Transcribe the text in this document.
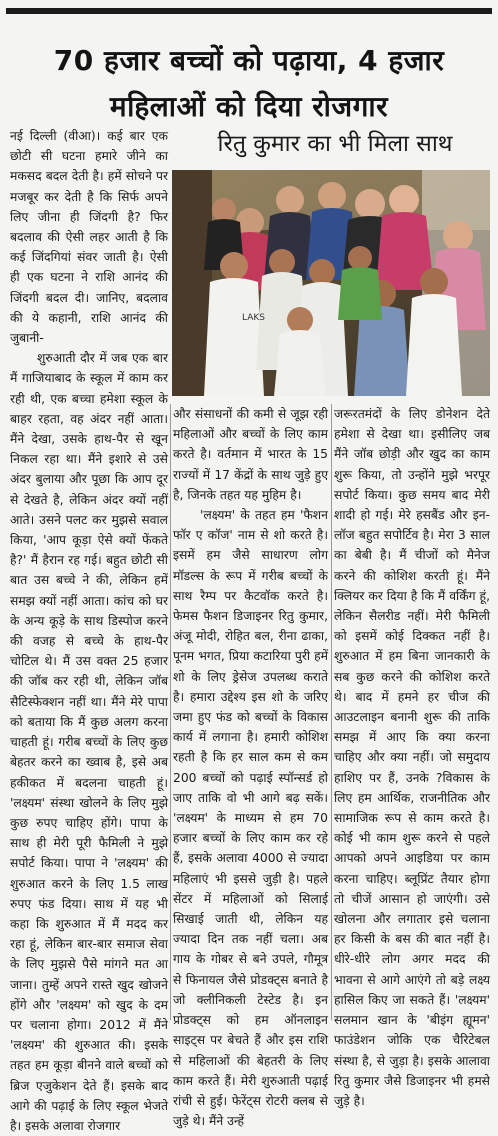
70 हजार बच्चों को पढ़ाया, 4 हजार
महिलाओं को दिया रोजगार
रितु कुमार का भी मिला साथ
LAKS

नई दिल्ली (वीआ)। कई बार एक छोटी सी घटना हमारे जीने का मकसद बदल देती है। हमें सोचने पर मजबूर कर देती है कि सिर्फ अपने लिए जीना ही जिंदगी है? फिर बदलाव की ऐसी लहर आती है कि कई जिंदगियां संवर जाती है। ऐसी ही एक घटना ने राशि आनंद की जिंदगी बदल दी। जानिए, बदलाव की ये कहानी, राशि आनंद की जुबानी-

शुरुआती दौर में जब एक बार मैं गाजियाबाद के स्कूल में काम कर रही थी, एक बच्चा हमेशा स्कूल के बाहर रहता, वह अंदर नहीं आता। मैंने देखा, उसके हाथ-पैर से खून निकल रहा था। मैंने इशारे से उसे अंदर बुलाया और पूछा कि आप दूर से देखते है, लेकिन अंदर क्यों नहीं आते। उसने पलट कर मुझसे सवाल किया, 'आप कूड़ा ऐसे क्यों फेंकते है?' मैं हैरान रह गई। बहुत छोटी सी बात उस बच्चे ने की, लेकिन हमें समझ क्यों नहीं आता। कांच को घर के अन्य कूड़े के साथ डिस्पोज करने की वजह से बच्चे के हाथ-पैर चोटिल थे। मैं उस वक्त 25 हजार की जॉब कर रही थी, लेकिन जॉब सैटिस्फेक्शन नहीं था। मैंने मेरे पापा को बताया कि मैं कुछ अलग करना चाहती हूं। गरीब बच्चों के लिए कुछ बेहतर करने का ख्वाब है, इसे अब हकीकत में बदलना चाहती हूं। 'लक्ष्यम' संस्था खोलने के लिए मुझे कुछ रुपए चाहिए होंगे। पापा के साथ ही मेरी पूरी फैमिली ने मुझे सपोर्ट किया। पापा ने 'लक्ष्यम' की शुरुआत करने के लिए 1.5 लाख रुपए फंड दिया। साथ में यह भी कहा कि शुरुआत में मैं मदद कर रहा हूं, लेकिन बार-बार समाज सेवा के लिए मुझसे पैसे मांगने मत आ जाना। तुम्हें अपने रास्ते खुद खोजने होंगे और 'लक्ष्यम' को खुद के दम पर चलाना होगा। 2012 में मैंने 'लक्ष्यम' की शुरुआत की। इसके तहत हम कूड़ा बीनने वाले बच्चों को ब्रिज एजुकेशन देते हैं। इसके बाद आगे की पढ़ाई के लिए स्कूल भेजते है। इसके अलावा रोजगार

और संसाधनों की कमी से जूझ रही महिलाओं और बच्चों के लिए काम करते है। वर्तमान में भारत के 15 राज्यों में 17 केंद्रों के साथ जुड़े हुए है, जिनके तहत यह मुहिम है।

'लक्ष्यम' के तहत हम 'फैशन फॉर ए कॉज' नाम से शो करते है। इसमें हम जैसे साधारण लोग मॉडल्स के रूप में गरीब बच्चों के साथ रैम्प पर कैटवॉक करते है। फेमस फैशन डिजाइनर रितु कुमार, अंजू मोदी, रोहित बल, रीना ढाका, पूनम भगत, प्रिया कटारिया पुरी हमें शो के लिए ड्रेसेज उपलब्ध कराते है। हमारा उद्देश्य इस शो के जरिए जमा हुए फंड को बच्चों के विकास कार्य में लगाना है। हमारी कोशिश रहती है कि हर साल कम से कम 200 बच्चों को पढ़ाई स्पॉन्सर्ड हो जाए ताकि वो भी आगे बढ़ सकें। 'लक्ष्यम' के माध्यम से हम 70 हजार बच्चों के लिए काम कर रहे हैं, इसके अलावा 4000 से ज्यादा महिलाएं भी इससे जुड़ी है। पहले सेंटर में महिलाओं को सिलाई सिखाई जाती थी, लेकिन यह ज्यादा दिन तक नहीं चला। अब गाय के गोबर से बने उपले, गौमूत्र से फिनायल जैसे प्रोडक्ट्स बनाते है जो क्लीनिकली टेस्टेड है। इन प्रोडक्ट्स को हम ऑनलाइन साइट्स पर बेचते हैं और इस राशि से महिलाओं की बेहतरी के लिए काम करते हैं। मेरी शुरुआती पढ़ाई रांची से हुई। फेरेंट्स रोटरी क्लब से जुड़े थे। मैंने उन्हें

जरूरतमंदों के लिए डोनेशन देते हमेशा से देखा था। इसीलिए जब मैंने जॉब छोड़ी और खुद का काम शुरू किया, तो उन्होंने मुझे भरपूर सपोर्ट किया। कुछ समय बाद मेरी शादी हो गई। मेरे हसबैंड और इन-लॉज बहुत सपोर्टिव है। मेरा 3 साल का बेबी है। मैं चीजों को मैनेज करने की कोशिश करती हूं। मैंने क्लियर कर दिया है कि मैं वर्किंग हूं, लेकिन सैलरीड नहीं। मेरी फैमिली को इसमें कोई दिक्कत नहीं है। शुरुआत में हम बिना जानकारी के सब कुछ करने की कोशिश करते थे। बाद में हमने हर चीज की आउटलाइन बनानी शुरू की ताकि समझ में आए कि क्या करना चाहिए और क्या नहीं। जो समुदाय हाशिए पर हैं, उनके ?विकास के लिए हम आर्थिक, राजनीतिक और सामाजिक रूप से काम करते है। कोई भी काम शुरू करने से पहले आपको अपने आइडिया पर काम करना चाहिए। ब्लूप्रिंट तैयार होगा तो चीजें आसान हो जाएंगी। उसे खोलना और लगातार इसे चलाना हर किसी के बस की बात नहीं है। धीरे-धीरे लोग अगर मदद की भावना से आगे आएंगे तो बड़े लक्ष्य हासिल किए जा सकते हैं। 'लक्ष्यम' सलमान खान के 'बीइंग ह्यूमन' फाउंडेशन जोकि एक चैरिटेबल संस्था है, से जुड़ा है। इसके आलावा रितु कुमार जैसे डिजाइनर भी हमसे जुड़े है।
